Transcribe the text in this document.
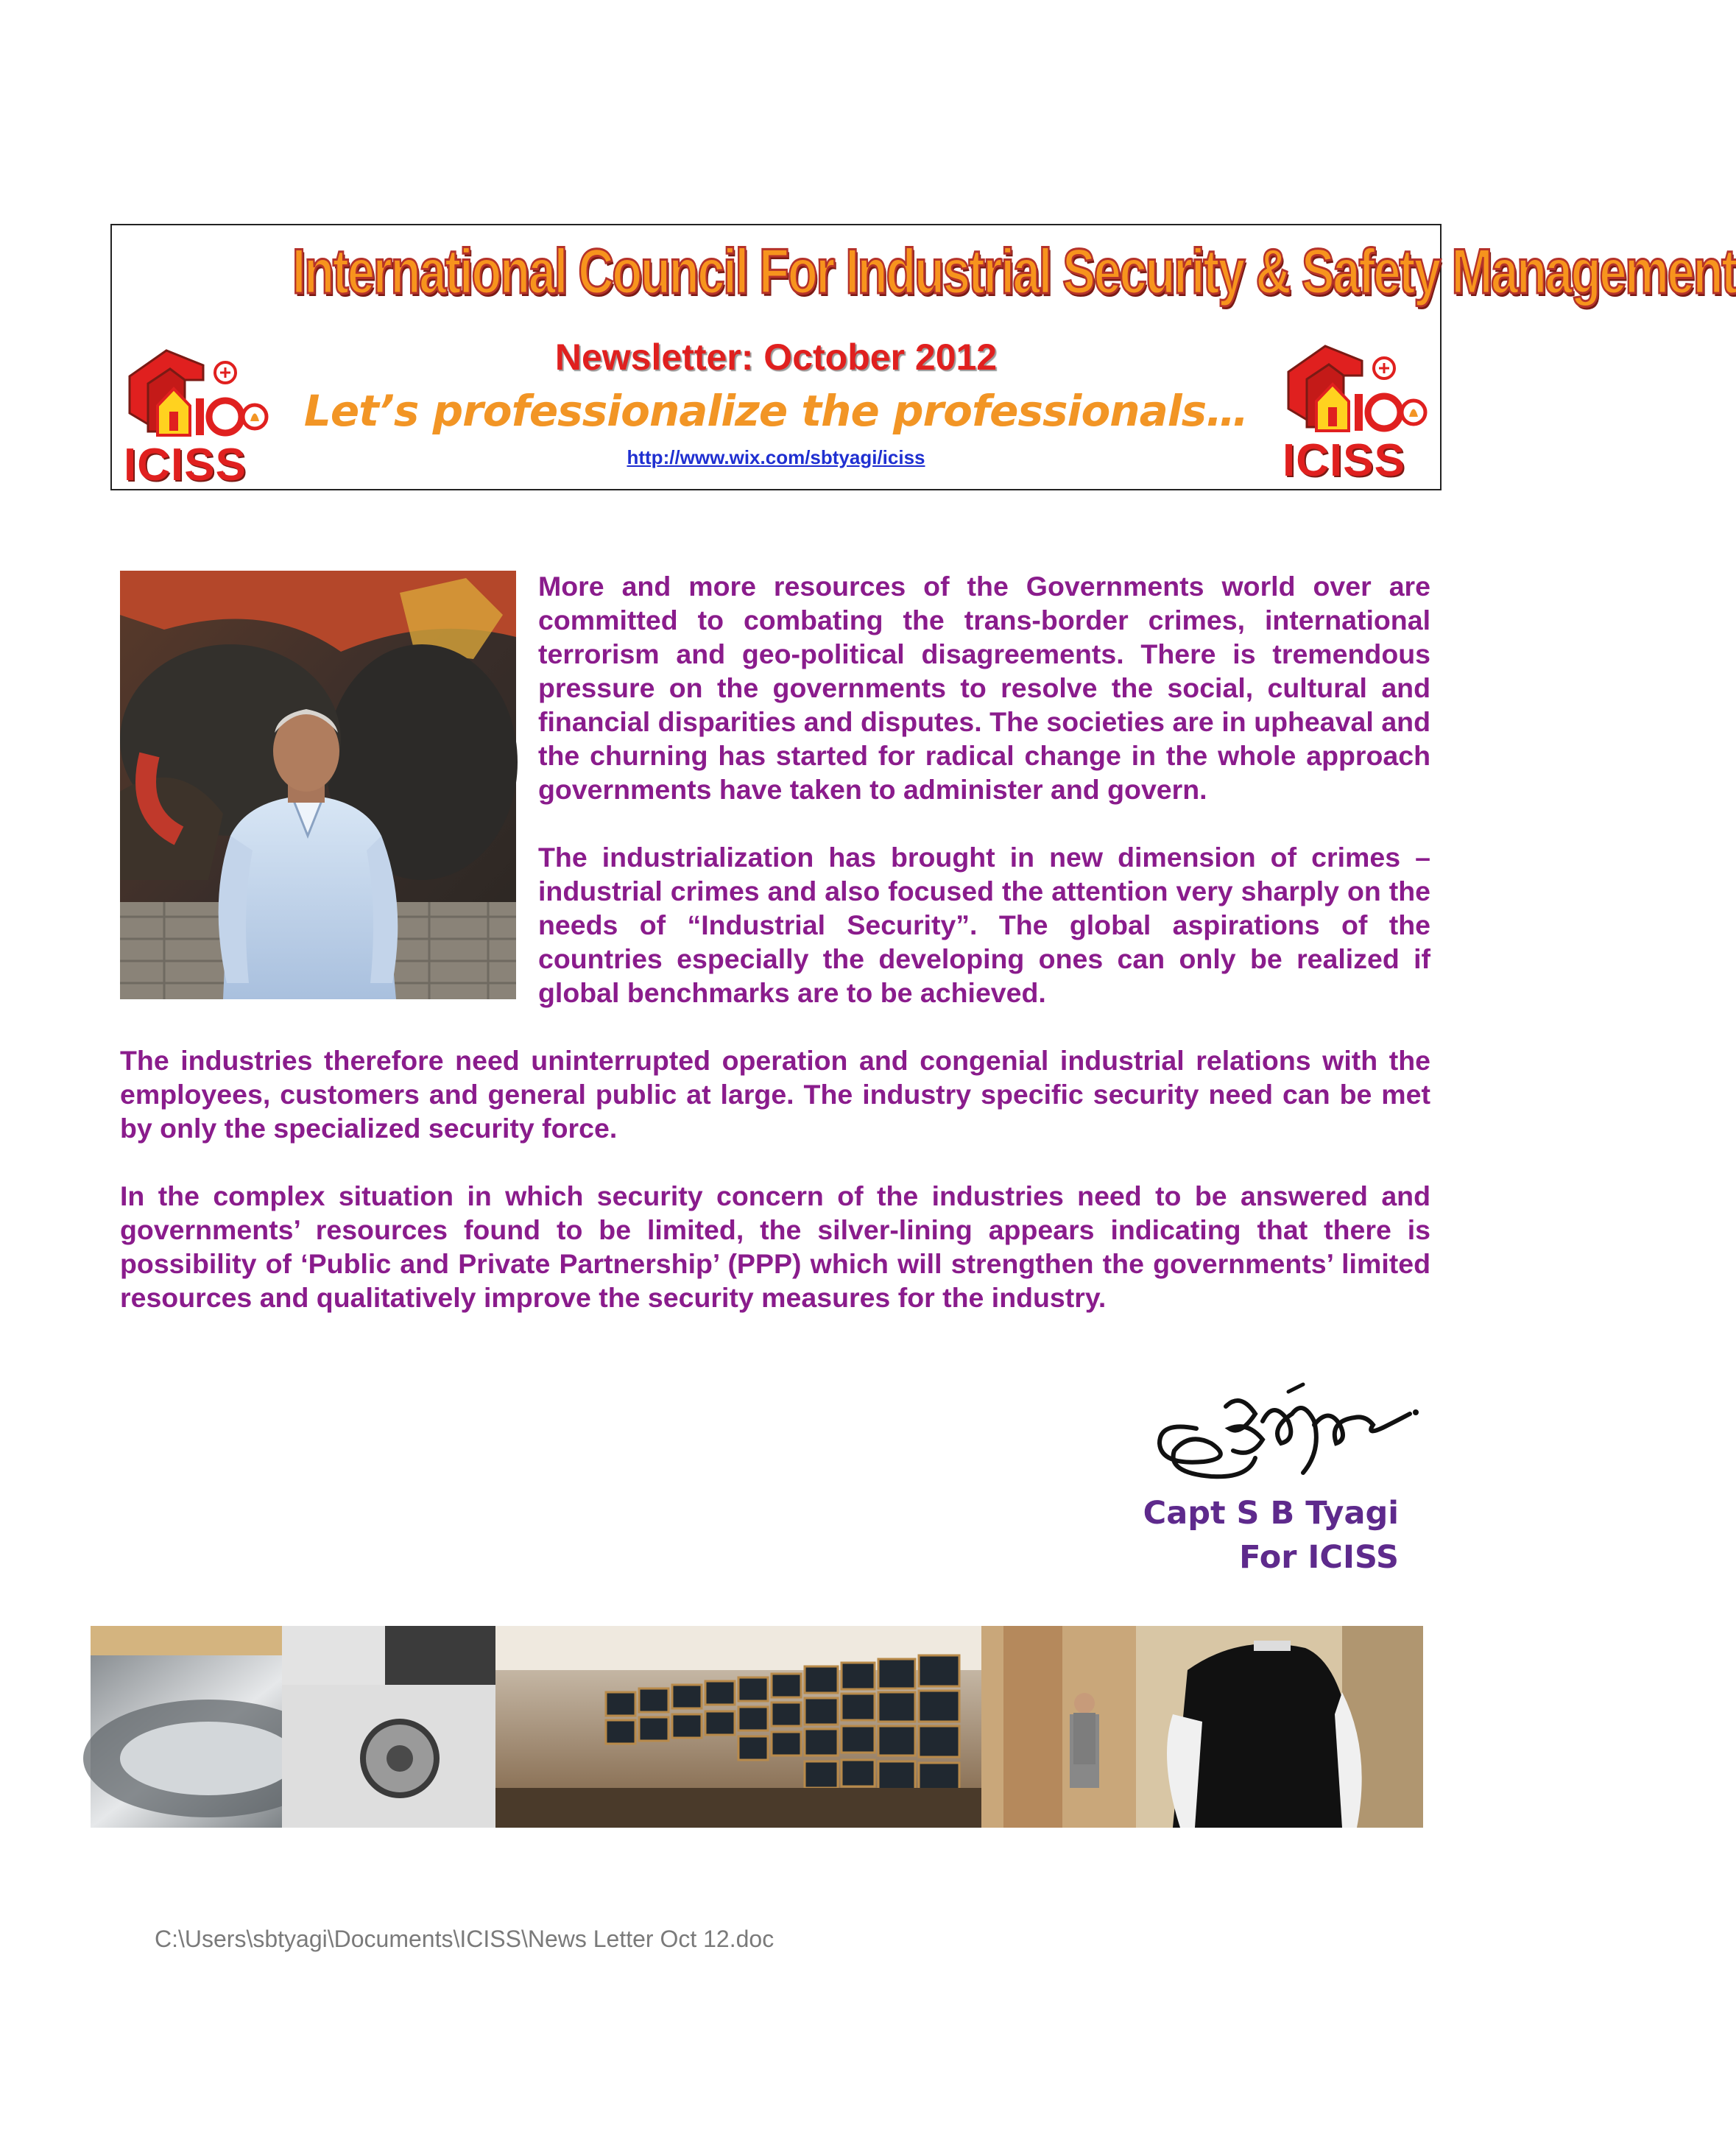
International Council For Industrial Security & Safety Management
ICISS
Newsletter: October 2012
Let’s professionalize the professionals…
http://www.wix.com/sbtyagi/iciss	ICISS

More and more resources of the Governments world over are committed to combating the trans-border crimes, international terrorism and geo-political disagreements. There is tremendous pressure on the governments to resolve the social, cultural and financial disparities and disputes. The societies are in upheaval and the churning has started for radical change in the whole approach governments have taken to administer and govern.

The industrialization has brought in new dimension of crimes – industrial crimes and also focused the attention very sharply on the needs of “Industrial Security”. The global aspirations of the countries especially the developing ones can only be realized if global benchmarks are to be achieved.

The industries therefore need uninterrupted operation and congenial industrial relations with the employees, customers and general public at large. The industry specific security need can be met by only the specialized security force.

In the complex situation in which security concern of the industries need to be answered and governments’ resources found to be limited, the silver-lining appears indicating that there is possibility of ‘Public and Private Partnership’ (PPP) which will strengthen the governments’ limited resources and qualitatively improve the security measures for the industry.

Capt S B Tyagi
For ICISS
C:\Users\sbtyagi\Documents\ICISS\News Letter Oct 12.doc
